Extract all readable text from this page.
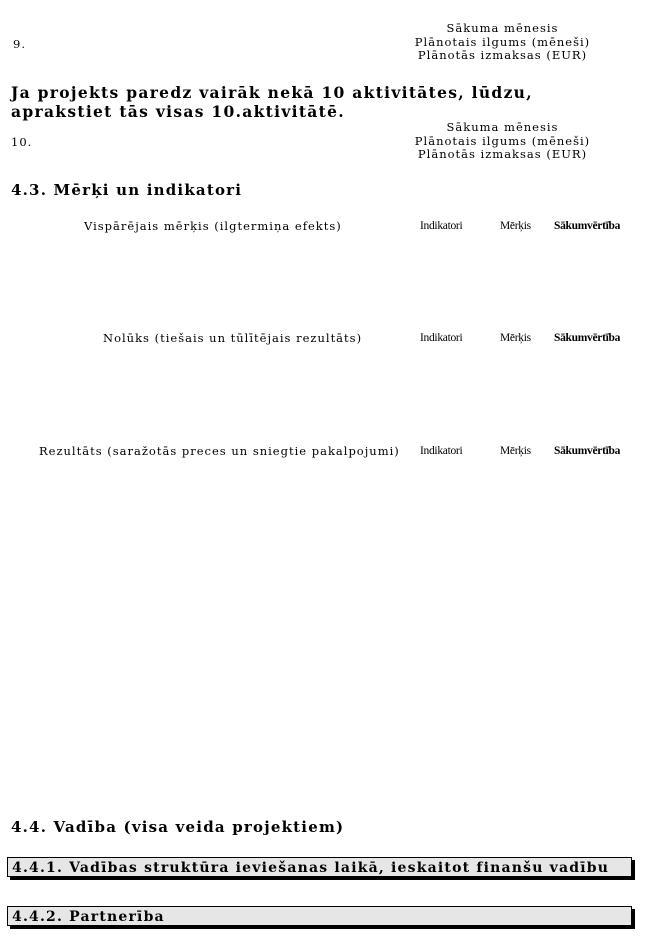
9.
Sākuma mēnesis
Plānotais ilgums (mēneši)
Plānotās izmaksas (EUR)
Ja projekts paredz vairāk nekā 10 aktivitātes, lūdzu, aprakstiet tās visas 10.aktivitātē.
10.
Sākuma mēnesis
Plānotais ilgums (mēneši)
Plānotās izmaksas (EUR)
4.3. Mērķi un indikatori
Vispārējais mērķis (ilgtermiņa efekts)	Indikatori	Mērķis Sākumvērtība
Nolūks (tiešais un tūlītējais rezultāts)	Indikatori	Mērķis Sākumvērtība
Rezultāts (saražotās preces un sniegtie pakalpojumi) Indikatori	Mērķis Sākumvērtība
4.4. Vadība (visa veida projektiem)
4.4.1. Vadības struktūra ieviešanas laikā, ieskaitot finanšu vadību
4.4.2. Partnerība
